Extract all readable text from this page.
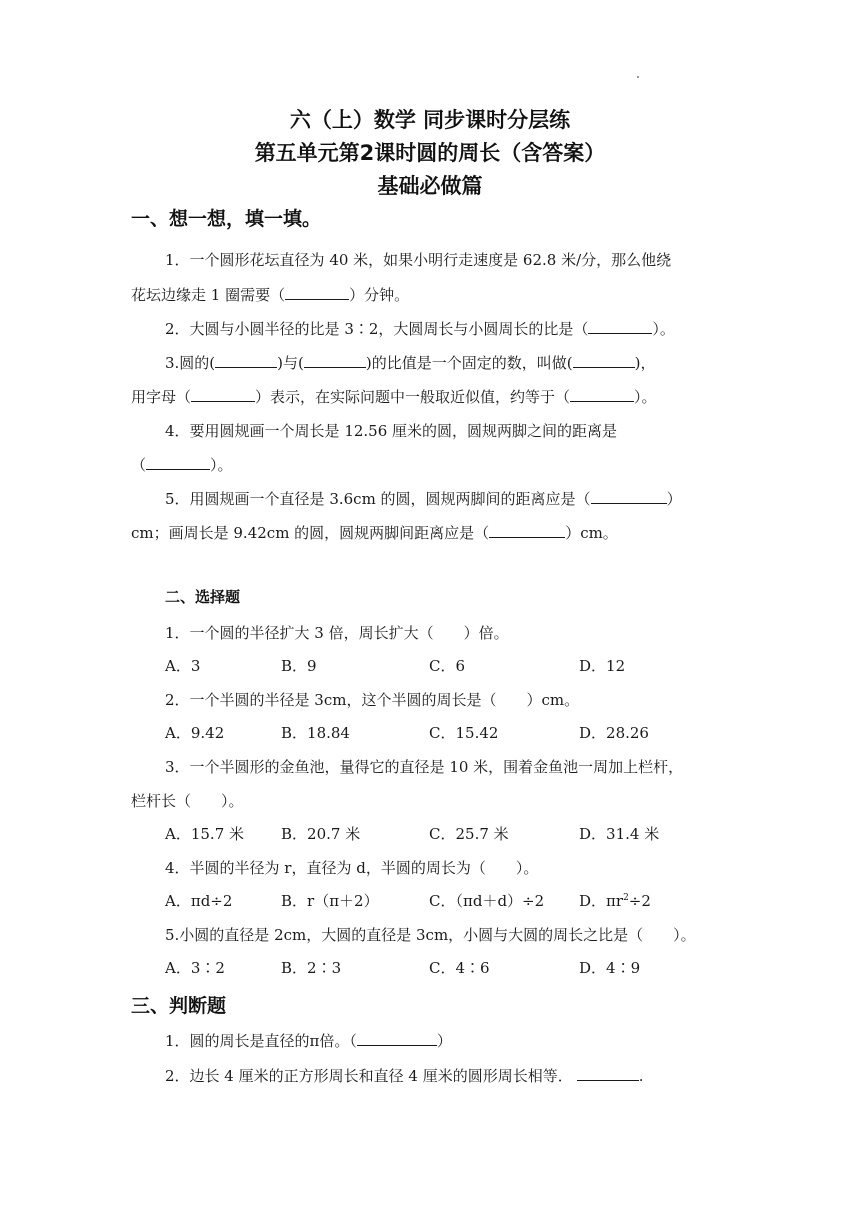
六（上）数学 同步课时分层练
第五单元第2课时圆的周长（含答案）
基础必做篇
一、想一想，填一填。
1．一个圆形花坛直径为 40 米，如果小明行走速度是 62.8 米/分，那么他绕
花坛边缘走 1 圈需要（	）分钟。
2．大圆与小圆半径的比是 3∶2，大圆周长与小圆周长的比是（	）。
3.圆的(	)与(	)的比值是一个固定的数，叫做(	)，
用字母（	）表示，在实际问题中一般取近似值，约等于（	）。
4．要用圆规画一个周长是 12.56 厘米的圆，圆规两脚之间的距离是
（	）。
5．用圆规画一个直径是 3.6cm 的圆，圆规两脚间的距离应是（	）
cm；画周长是 9.42cm 的圆，圆规两脚间距离应是（	）cm。
二、选择题
1．一个圆的半径扩大 3 倍，周长扩大（　　）倍。
A．3	B．9	C．6	D．12
2．一个半圆的半径是 3cm，这个半圆的周长是（　　）cm。
A．9.42	B．18.84	C．15.42	D．28.26
3．一个半圆形的金鱼池，量得它的直径是 10 米，围着金鱼池一周加上栏杆，
栏杆长（　　）。
A．15.7 米 B．20.7 米	C．25.7 米	D．31.4 米
4．半圆的半径为 r，直径为 d，半圆的周长为（　　）。
A．πd÷2	B．r（π＋2）	C．（πd＋d）÷2 D．$\pi r^2\div 2$
5.小圆的直径是 2cm，大圆的直径是 3cm，小圆与大圆的周长之比是（　　）。
A．3∶2	B．2∶3	C．4∶6	D．4∶9
三、判断题
1．圆的周长是直径的π倍。（	）
2．边长 4 厘米的正方形周长和直径 4 厘米的圆形周长相等．	.
